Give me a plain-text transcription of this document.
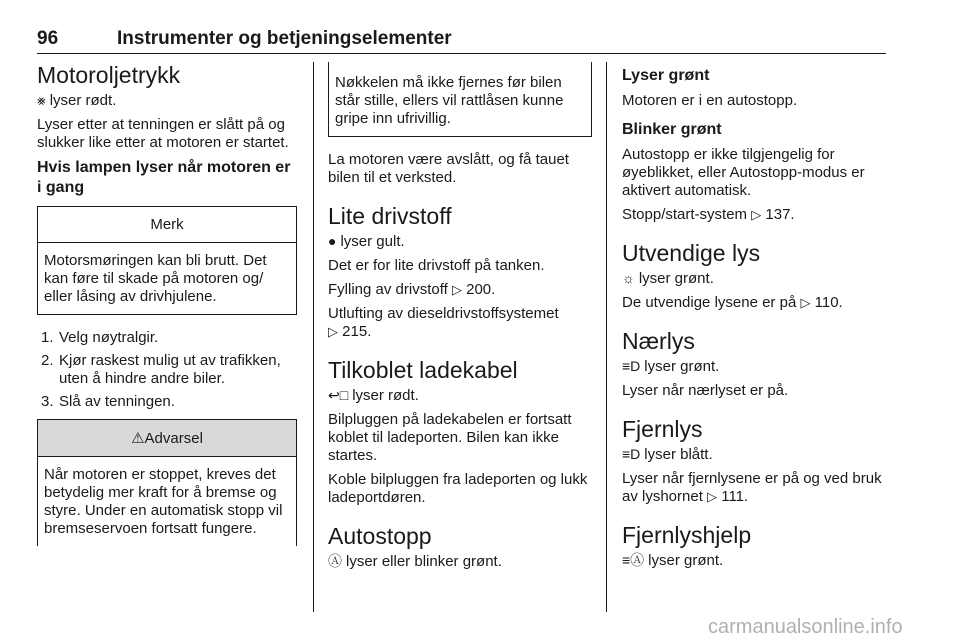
96	Instrumenter og betjeningselementer
Motoroljetrykk

⨳ lyser rødt.

Lyser etter at tenningen er slått på og slukker like etter at motoren er startet.

Hvis lampen lyser når motoren er i gang
Merk
Motorsmøringen kan bli brutt. Det kan føre til skade på motoren og/ eller låsing av drivhjulene.
1. Velg nøytralgir.
2. Kjør raskest mulig ut av trafikken, uten å hindre andre biler.
3. Slå av tenningen.
⚠Advarsel
Når motoren er stoppet, kreves det betydelig mer kraft for å bremse og styre. Under en automatisk stopp vil bremseservoen fortsatt fungere.
Nøkkelen må ikke fjernes før bilen står stille, ellers vil rattlåsen kunne gripe inn ufrivillig.

La motoren være avslått, og få tauet bilen til et verksted.

Lite drivstoff

● lyser gult.

Det er for lite drivstoff på tanken.

Fylling av drivstoff ▷ 200.

Utlufting av dieseldrivstoffsystemet
▷ 215.

Tilkoblet ladekabel

↩□ lyser rødt.

Bilpluggen på ladekabelen er fortsatt koblet til ladeporten. Bilen kan ikke startes.

Koble bilpluggen fra ladeporten og lukk ladeportdøren.

Autostopp

Ⓐ lyser eller blinker grønt.

Lyser grønt

Motoren er i en autostopp.

Blinker grønt

Autostopp er ikke tilgjengelig for øyeblikket, eller Autostopp-modus er aktivert automatisk.

Stopp/start-system ▷ 137.

Utvendige lys

☼ lyser grønt.

De utvendige lysene er på ▷ 110.

Nærlys

≡D lyser grønt.

Lyser når nærlyset er på.

Fjernlys

≡D lyser blått.

Lyser når fjernlysene er på og ved bruk av lyshornet ▷ 111.

Fjernlyshjelp

≡Ⓐ lyser grønt.

carmanualsonline.info
